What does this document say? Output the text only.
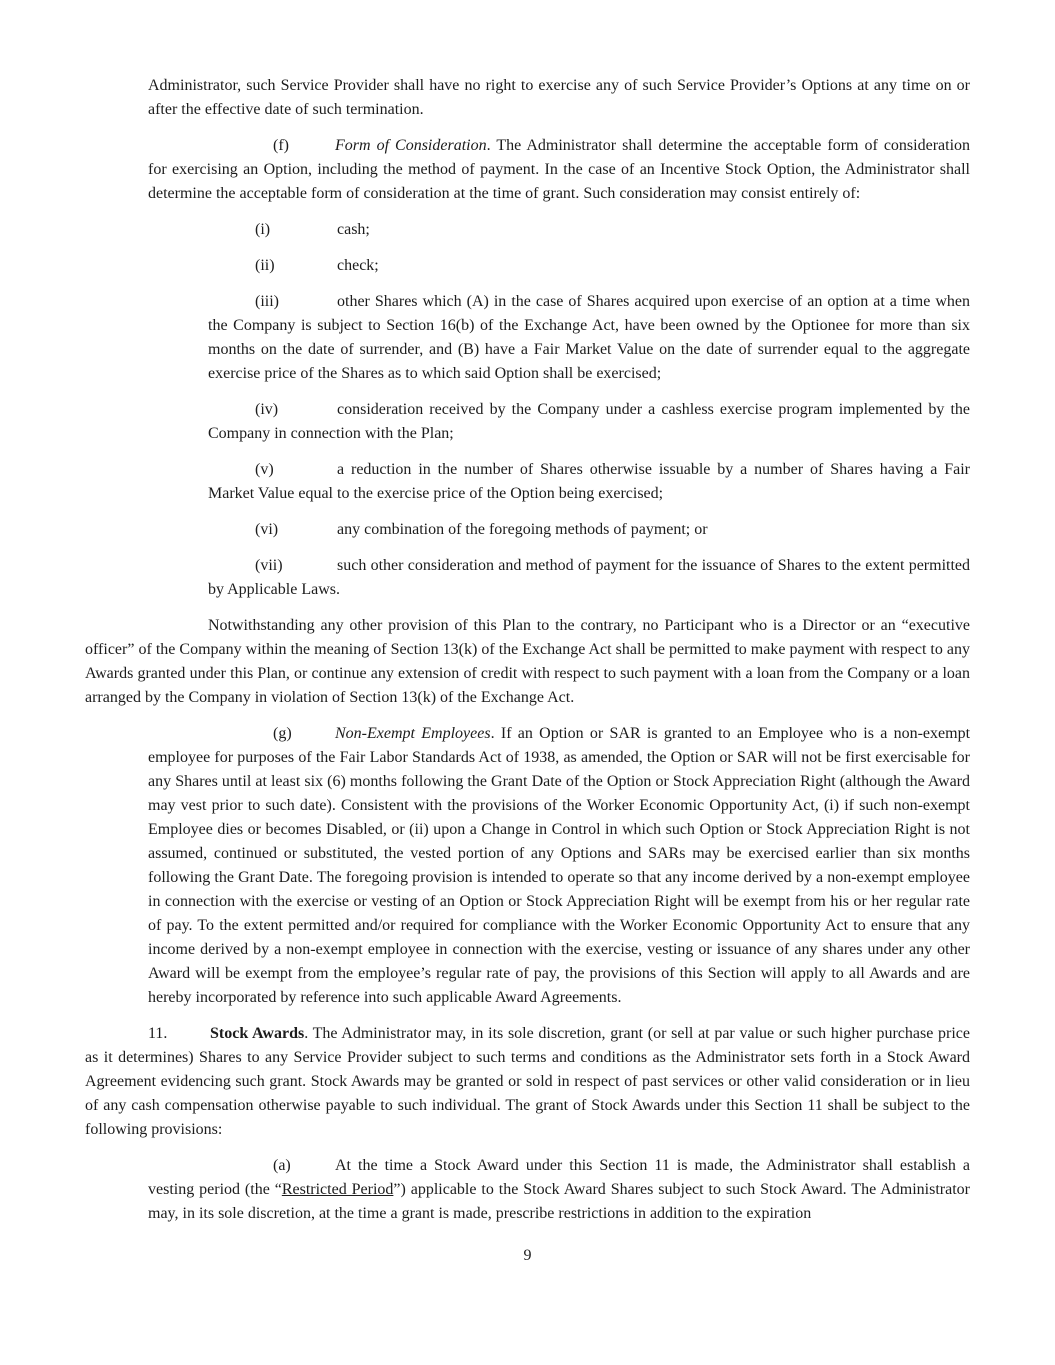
Administrator, such Service Provider shall have no right to exercise any of such Service Provider’s Options at any time on or after the effective date of such termination.

(f)	Form of Consideration. The Administrator shall determine the acceptable form of consideration for exercising an Option, including the method of payment. In the case of an Incentive Stock Option, the Administrator shall determine the acceptable form of consideration at the time of grant. Such consideration may consist entirely of:

(i)	cash;

(ii)	check;

(iii)	other Shares which (A) in the case of Shares acquired upon exercise of an option at a time when the Company is subject to Section 16(b) of the Exchange Act, have been owned by the Optionee for more than six months on the date of surrender, and (B) have a Fair Market Value on the date of surrender equal to the aggregate exercise price of the Shares as to which said Option shall be exercised;

(iv)	consideration received by the Company under a cashless exercise program implemented by the Company in connection with the Plan;

(v)	a reduction in the number of Shares otherwise issuable by a number of Shares having a Fair Market Value equal to the exercise price of the Option being exercised;

(vi)	any combination of the foregoing methods of payment; or

(vii)	such other consideration and method of payment for the issuance of Shares to the extent permitted by Applicable Laws.

Notwithstanding any other provision of this Plan to the contrary, no Participant who is a Director or an “executive officer” of the Company within the meaning of Section 13(k) of the Exchange Act shall be permitted to make payment with respect to any Awards granted under this Plan, or continue any extension of credit with respect to such payment with a loan from the Company or a loan arranged by the Company in violation of Section 13(k) of the Exchange Act.

(g)	Non-Exempt Employees. If an Option or SAR is granted to an Employee who is a non-exempt employee for purposes of the Fair Labor Standards Act of 1938, as amended, the Option or SAR will not be first exercisable for any Shares until at least six (6) months following the Grant Date of the Option or Stock Appreciation Right (although the Award may vest prior to such date). Consistent with the provisions of the Worker Economic Opportunity Act, (i) if such non-exempt Employee dies or becomes Disabled, or (ii) upon a Change in Control in which such Option or Stock Appreciation Right is not assumed, continued or substituted, the vested portion of any Options and SARs may be exercised earlier than six months following the Grant Date. The foregoing provision is intended to operate so that any income derived by a non-exempt employee in connection with the exercise or vesting of an Option or Stock Appreciation Right will be exempt from his or her regular rate of pay. To the extent permitted and/or required for compliance with the Worker Economic Opportunity Act to ensure that any income derived by a non-exempt employee in connection with the exercise, vesting or issuance of any shares under any other Award will be exempt from the employee’s regular rate of pay, the provisions of this Section will apply to all Awards and are hereby incorporated by reference into such applicable Award Agreements.

11.	Stock Awards. The Administrator may, in its sole discretion, grant (or sell at par value or such higher purchase price as it determines) Shares to any Service Provider subject to such terms and conditions as the Administrator sets forth in a Stock Award Agreement evidencing such grant. Stock Awards may be granted or sold in respect of past services or other valid consideration or in lieu of any cash compensation otherwise payable to such individual. The grant of Stock Awards under this Section 11 shall be subject to the following provisions:

(a)	At the time a Stock Award under this Section 11 is made, the Administrator shall establish a vesting period (the “Restricted Period”) applicable to the Stock Award Shares subject to such Stock Award. The Administrator may, in its sole discretion, at the time a grant is made, prescribe restrictions in addition to the expiration

9
